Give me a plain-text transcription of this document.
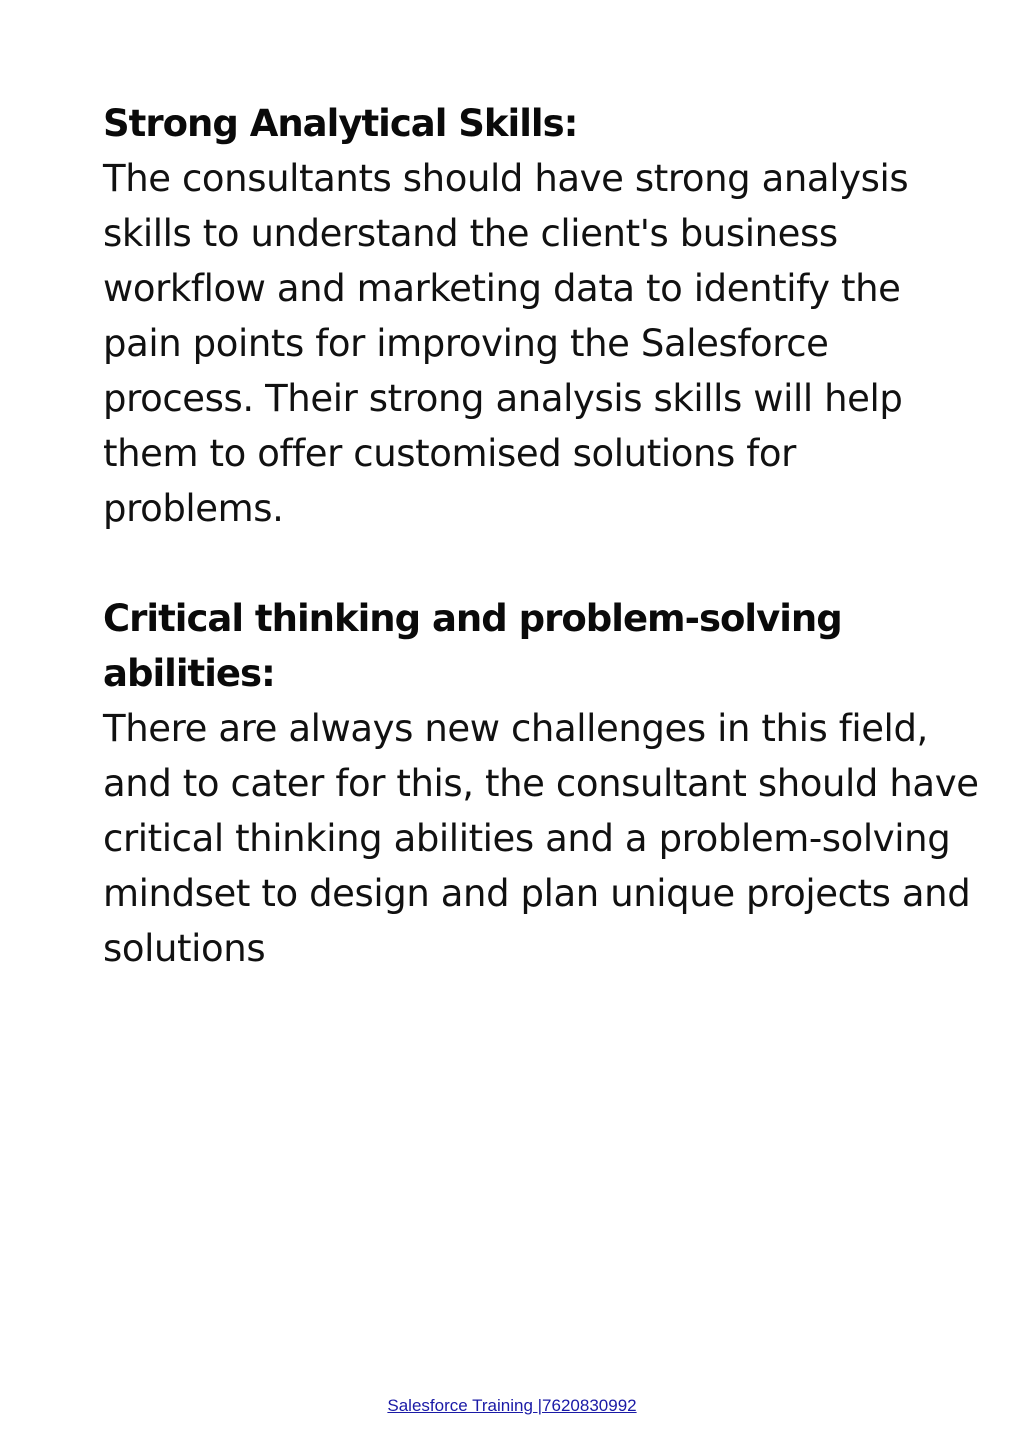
Strong Analytical Skills:

The consultants should have strong analysis skills to understand the client's business workflow and marketing data to identify the pain points for improving the Salesforce process. Their strong analysis skills will help them to offer customised solutions for problems.

Critical thinking and problem-solving abilities:

There are always new challenges in this field, and to cater for this, the consultant should have critical thinking abilities and a problem-solving mindset to design and plan unique projects and solutions

Salesforce Training |7620830992
